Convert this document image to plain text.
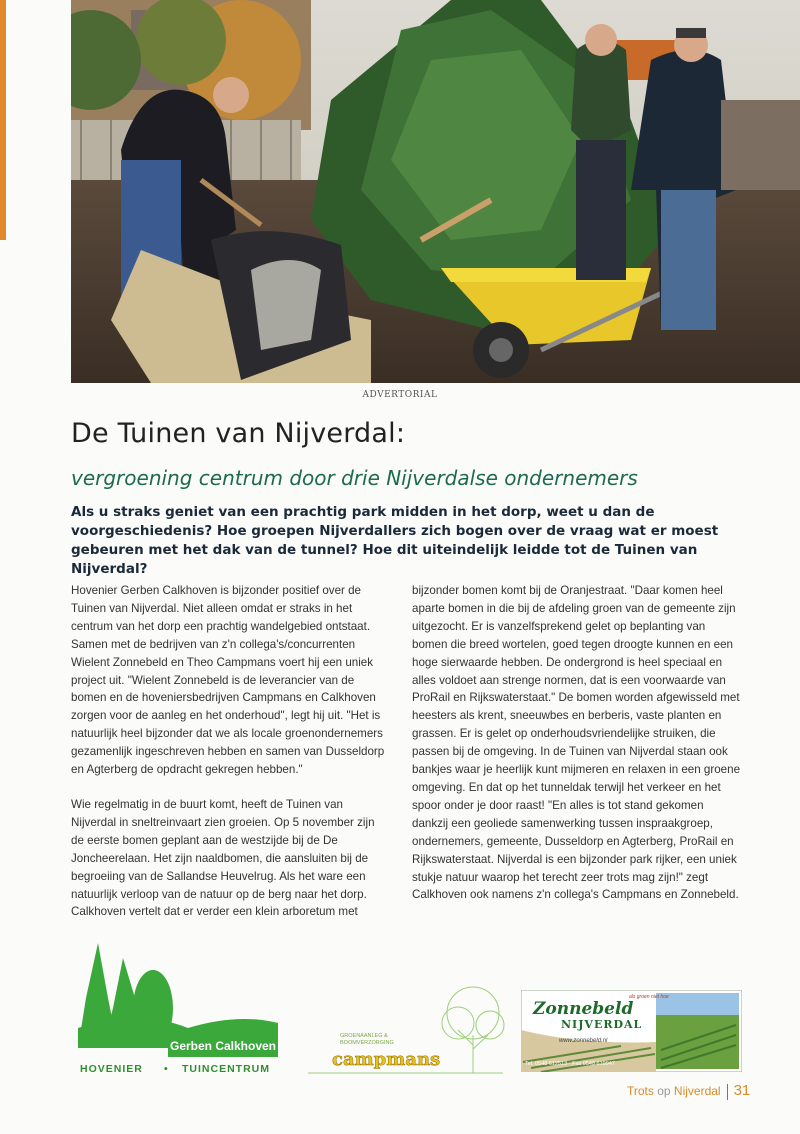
ADVERTORIAL
De Tuinen van Nijverdal:
vergroening centrum door drie Nijverdalse ondernemers
Als u straks geniet van een prachtig park midden in het dorp, weet u dan de voorgeschiedenis? Hoe groepen Nijverdallers zich bogen over de vraag wat er moest gebeuren met het dak van de tunnel? Hoe dit uiteindelijk leidde tot de Tuinen van Nijverdal?

Hovenier Gerben Calkhoven is bijzonder positief over de Tuinen van Nijverdal. Niet alleen omdat er straks in het centrum van het dorp een prachtig wandelgebied ontstaat. Samen met de bedrijven van z'n collega's/concurrenten Wielent Zonnebeld en Theo Campmans voert hij een uniek project uit. "Wielent Zonnebeld is de leverancier van de bomen en de hoveniersbedrijven Campmans en Calkhoven zorgen voor de aanleg en het onderhoud", legt hij uit. "Het is natuurlijk heel bijzonder dat we als locale groenondernemers gezamenlijk ingeschreven hebben en samen van Dusseldorp en Agterberg de opdracht gekregen hebben."

Wie regelmatig in de buurt komt, heeft de Tuinen van Nijverdal in sneltreinvaart zien groeien. Op 5 november zijn de eerste bomen geplant aan de westzijde bij de De Joncheerelaan. Het zijn naaldbomen, die aansluiten bij de begroeiing van de Sallandse Heuvelrug. Als het ware een natuurlijk verloop van de natuur op de berg naar het dorp. Calkhoven vertelt dat er verder een klein arboretum met

bijzonder bomen komt bij de Oranjestraat. "Daar komen heel aparte bomen in die bij de afdeling groen van de gemeente zijn uitgezocht. Er is vanzelfsprekend gelet op beplanting van bomen die breed wortelen, goed tegen droogte kunnen en een hoge sierwaarde hebben. De ondergrond is heel speciaal en alles voldoet aan strenge normen, dat is een voorwaarde van ProRail en Rijkswaterstaat." De bomen worden afgewisseld met heesters als krent, sneeuwbes en berberis, vaste planten en grassen. Er is gelet op onderhoudsvriendelijke struiken, die passen bij de omgeving. In de Tuinen van Nijverdal staan ook bankjes waar je heerlijk kunt mijmeren en relaxen in een groene omgeving. En dat op het tunneldak terwijl het verkeer en het spoor onder je door raast! "En alles is tot stand gekomen dankzij een geoliede samenwerking tussen inspraakgroep, ondernemers, gemeente, Dusseldorp en Agterberg, ProRail en Rijkswaterstaat. Nijverdal is een bijzonder park rijker, een uniek stukje natuur waarop het terecht zeer trots mag zijn!" zegt Calkhoven ook namens z'n collega's Campmans en Zonnebeld.

Gerben Calkhoven
HOVENIER • TUINCENTRUM
GROENAANLEG &
BOOMVERZORGING
campmans
Zonnebeld
als groen niet hoe
NIJVERDAL
www.zonnebeld.nl
Tel. 0548 612513 - Fax 0548 619947
Trots op Nijverdal 31
